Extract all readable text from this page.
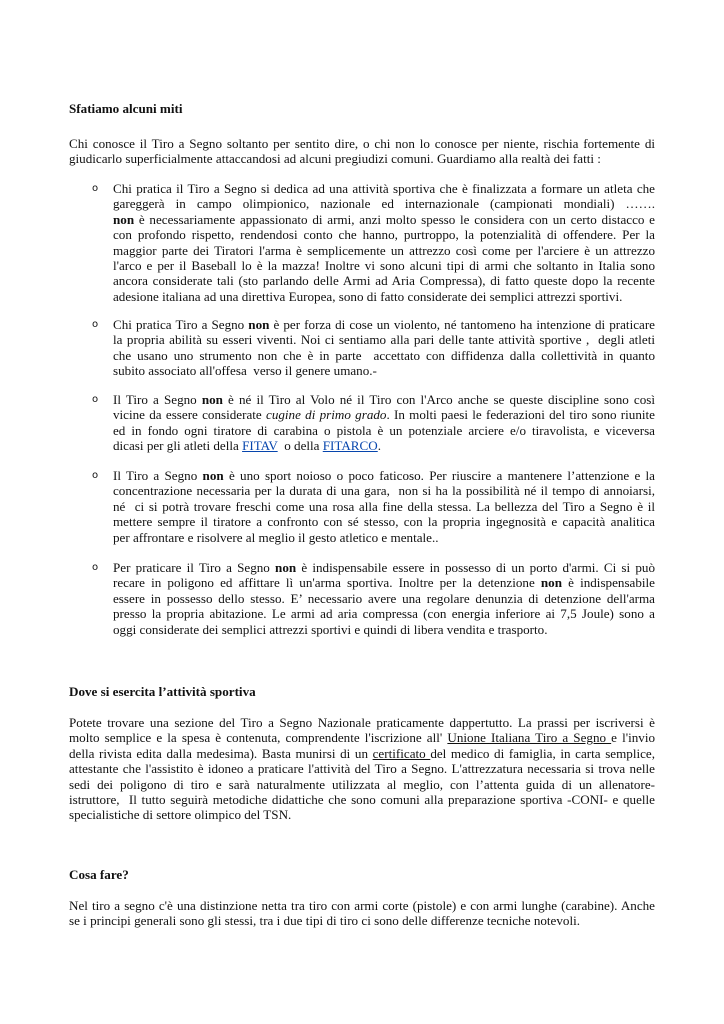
Sfatiamo alcuni miti
Chi conosce il Tiro a Segno soltanto per sentito dire, o chi non lo conosce per niente, rischia fortemente di
giudicarlo superficialmente attaccandosi ad alcuni pregiudizi comuni. Guardiamo alla realtà dei fatti :
o	Chi pratica il Tiro a Segno si dedica ad una attività sportiva che è finalizzata a formare un atleta che
gareggerà   in   campo   olimpionico,   nazionale   ed   internazionale   (campionati   mondiali)   …….
non è necessariamente appassionato di armi, anzi molto spesso le considera con un certo distacco e
con profondo rispetto, rendendosi conto che hanno, purtroppo, la potenzialità di offendere. Per la
maggior parte dei Tiratori l'arma è semplicemente un attrezzo così come per l'arciere è un attrezzo
l'arco e per il Baseball lo è la mazza! Inoltre vi sono alcuni tipi di armi che soltanto in Italia sono
ancora considerate tali (sto parlando delle Armi ad Aria Compressa), di fatto queste dopo la recente
adesione italiana ad una direttiva Europea, sono di fatto considerate dei semplici attrezzi sportivi.
o	Chi pratica Tiro a Segno non è per forza di cose un violento, né tantomeno ha intenzione di praticare
la propria abilità su esseri viventi. Noi ci sentiamo alla pari delle tante attività sportive ,  degli atleti
che usano uno strumento non che è in parte  accettato con diffidenza dalla collettività in quanto
subito associato all'offesa  verso il genere umano.-
o	Il Tiro a Segno non è né il Tiro al Volo né il Tiro con l'Arco anche se queste discipline sono così
vicine da essere considerate cugine di primo grado. In molti paesi le federazioni del tiro sono riunite
ed in fondo ogni tiratore di carabina o pistola è un potenziale arciere e/o tiravolista, e viceversa
dicasi per gli atleti della FITAV  o della FITARCO.
o	Il Tiro a Segno non è uno sport noioso o poco faticoso. Per riuscire a mantenere l’attenzione e la
concentrazione necessaria per la durata di una gara,  non si ha la possibilità né il tempo di annoiarsi,
né  ci si potrà trovare freschi come una rosa alla fine della stessa. La bellezza del Tiro a Segno è il
mettere sempre il tiratore a confronto con sé stesso, con la propria ingegnosità e capacità analitica
per affrontare e risolvere al meglio il gesto atletico e mentale..
o	Per praticare il Tiro a Segno non è indispensabile essere in possesso di un porto d'armi. Ci si può
recare in poligono ed affittare lì un'arma sportiva. Inoltre per la detenzione non è indispensabile
essere in possesso dello stesso. E’ necessario avere una regolare denunzia di detenzione dell'arma
presso la propria abitazione. Le armi ad aria compressa (con energia inferiore ai 7,5 Joule) sono a
oggi considerate dei semplici attrezzi sportivi e quindi di libera vendita e trasporto.
Dove si esercita l’attività sportiva
Potete trovare una sezione del Tiro a Segno Nazionale praticamente dappertutto. La prassi per iscriversi è
molto semplice e la spesa è contenuta, comprendente l'iscrizione all' Unione Italiana Tiro a Segno e l'invio
della rivista edita dalla medesima). Basta munirsi di un certificato del medico di famiglia, in carta semplice,
attestante che l'assistito è idoneo a praticare l'attività del Tiro a Segno. L'attrezzatura necessaria si trova nelle
sedi dei poligono di tiro e sarà naturalmente utilizzata al meglio, con l’attenta guida di un allenatore-
istruttore,  Il tutto seguirà metodiche didattiche che sono comuni alla preparazione sportiva -CONI- e quelle
specialistiche di settore olimpico del TSN.
Cosa fare?
Nel tiro a segno c'è una distinzione netta tra tiro con armi corte (pistole) e con armi lunghe (carabine). Anche
se i principi generali sono gli stessi, tra i due tipi di tiro ci sono delle differenze tecniche notevoli.
